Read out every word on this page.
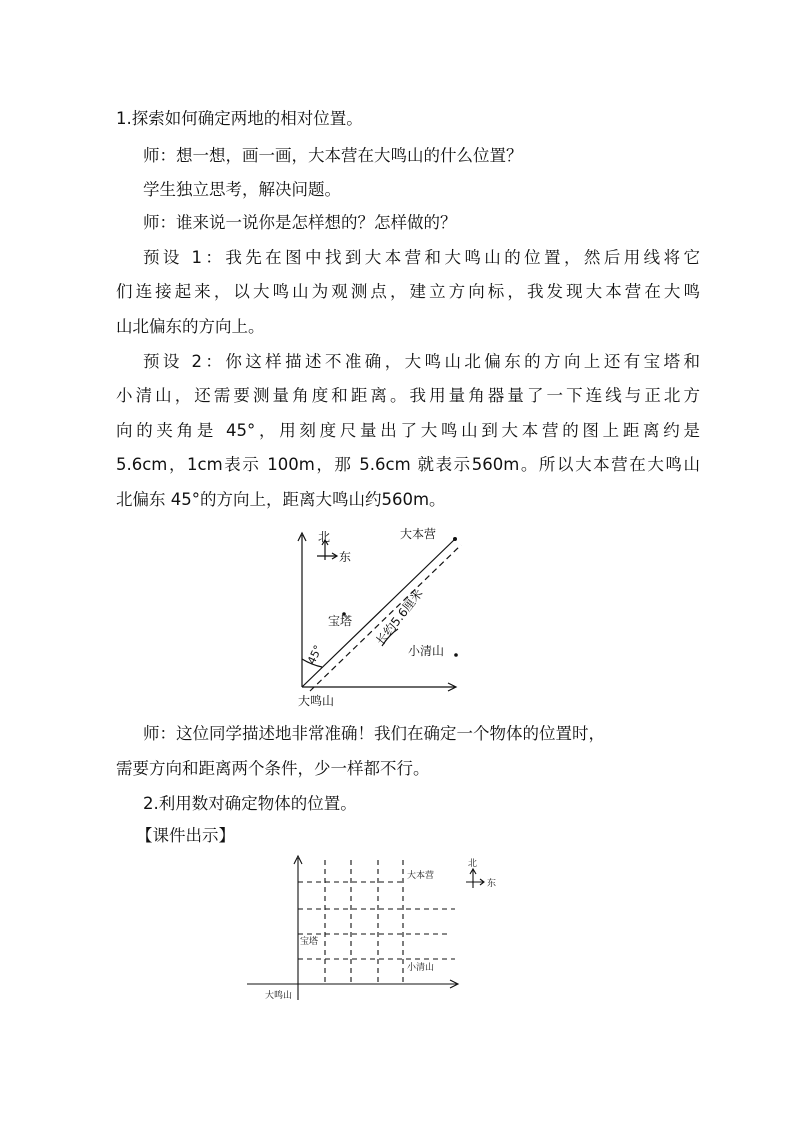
1.探索如何确定两地的相对位置。
师：想一想，画一画，大本营在大鸣山的什么位置？
学生独立思考，解决问题。
师：谁来说一说你是怎样想的？怎样做的？
预设 1：我先在图中找到大本营和大鸣山的位置，然后用线将它
们连接起来，以大鸣山为观测点，建立方向标，我发现大本营在大鸣
山北偏东的方向上。
预设 2：你这样描述不准确，大鸣山北偏东的方向上还有宝塔和
小清山，还需要测量角度和距离。我用量角器量了一下连线与正北方
向的夹角是 45°，用刻度尺量出了大鸣山到大本营的图上距离约是
5.6cm，1cm表示 100m，那 5.6cm 就表示560m。所以大本营在大鸣山
北偏东 45°的方向上，距离大鸣山约560m。
北
东
大本营
宝塔
小清山
大鸣山
45°
长约5.6厘米
师：这位同学描述地非常准确！我们在确定一个物体的位置时，
需要方向和距离两个条件，少一样都不行。
2.利用数对确定物体的位置。
【课件出示】
北
东
大本营
宝塔
小清山
大鸣山
